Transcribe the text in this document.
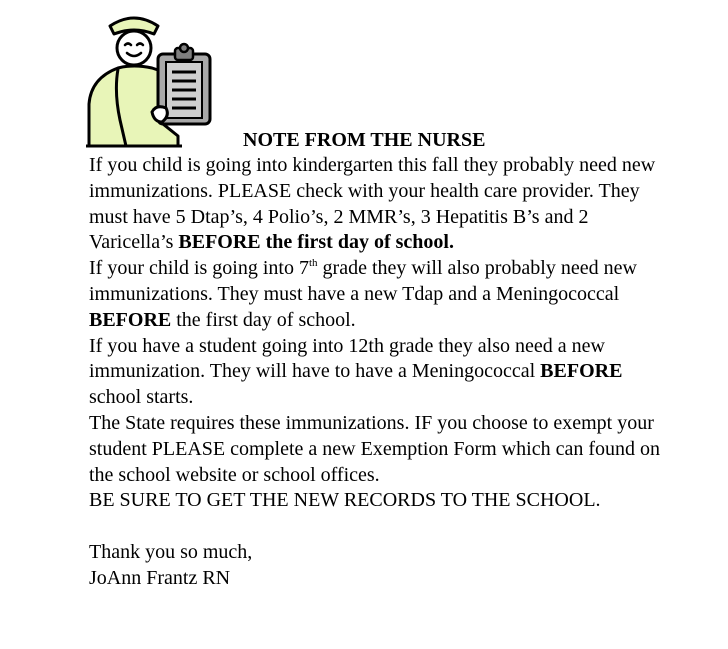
NOTE FROM THE NURSE

If you child is going into kindergarten this fall they probably need new immunizations. PLEASE check with your health care provider. They must have 5 Dtap’s, 4 Polio’s, 2 MMR’s, 3 Hepatitis B’s and 2 Varicella’s BEFORE the first day of school.

If your child is going into 7th grade they will also probably need new immunizations. They must have a new Tdap and a Meningococcal BEFORE the first day of school.

If you have a student going into 12th grade they also need a new immunization. They will have to have a Meningococcal BEFORE school starts.

The State requires these immunizations. IF you choose to exempt your student PLEASE complete a new Exemption Form which can found on the school website or school offices.

BE SURE TO GET THE NEW RECORDS TO THE SCHOOL.

Thank you so much,

JoAnn Frantz RN
